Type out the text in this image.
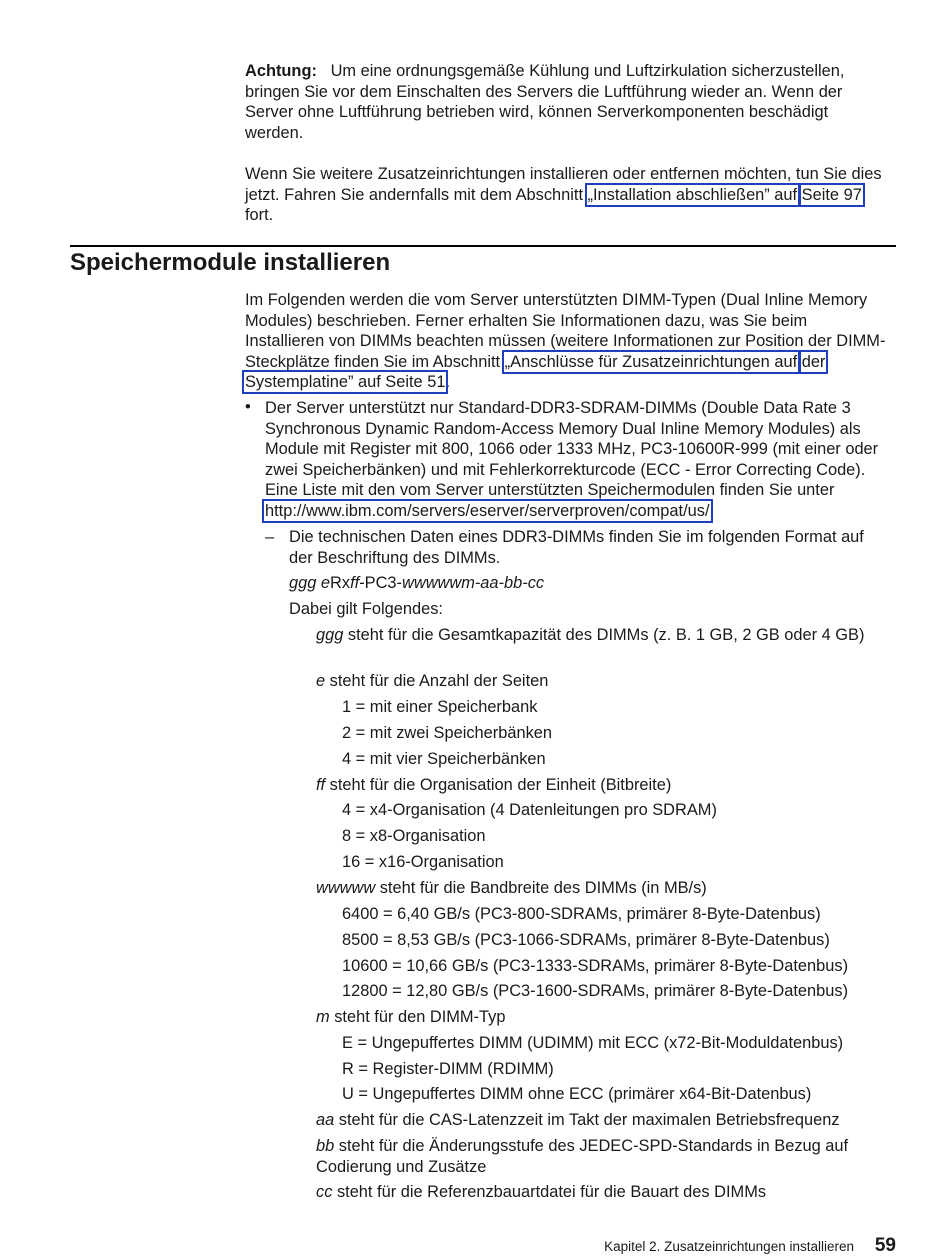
Achtung: Um eine ordnungsgemäße Kühlung und Luftzirkulation sicherzustellen, bringen Sie vor dem Einschalten des Servers die Luftführung wieder an. Wenn der Server ohne Luftführung betrieben wird, können Serverkomponenten beschädigt werden.
Wenn Sie weitere Zusatzeinrichtungen installieren oder entfernen möchten, tun Sie dies jetzt. Fahren Sie andernfalls mit dem Abschnitt „Installation abschließen” auf Seite 97 fort.
Speichermodule installieren
Im Folgenden werden die vom Server unterstützten DIMM-Typen (Dual Inline Memory Modules) beschrieben. Ferner erhalten Sie Informationen dazu, was Sie beim Installieren von DIMMs beachten müssen (weitere Informationen zur Position der DIMM-Steckplätze finden Sie im Abschnitt „Anschlüsse für Zusatzeinrichtungen auf der Systemplatine” auf Seite 51.
• Der Server unterstützt nur Standard-DDR3-SDRAM-DIMMs (Double Data Rate 3 Synchronous Dynamic Random-Access Memory Dual Inline Memory Modules) als Module mit Register mit 800, 1066 oder 1333 MHz, PC3-10600R-999 (mit einer oder zwei Speicherbänken) und mit Fehlerkorrekturcode (ECC - Error Correcting Code). Eine Liste mit den vom Server unterstützten Speichermodulen finden Sie unter http://www.ibm.com/servers/eserver/serverproven/compat/us/.
– Die technischen Daten eines DDR3-DIMMs finden Sie im folgenden Format auf der Beschriftung des DIMMs.
ggg eRxff-PC3-wwwwwm-aa-bb-cc
Dabei gilt Folgendes:
ggg steht für die Gesamtkapazität des DIMMs (z. B. 1 GB, 2 GB oder 4 GB)
e steht für die Anzahl der Seiten
1 = mit einer Speicherbank
2 = mit zwei Speicherbänken
4 = mit vier Speicherbänken
ff steht für die Organisation der Einheit (Bitbreite)
4 = x4-Organisation (4 Datenleitungen pro SDRAM)
8 = x8-Organisation
16 = x16-Organisation
wwwww steht für die Bandbreite des DIMMs (in MB/s)
6400 = 6,40 GB/s (PC3-800-SDRAMs, primärer 8-Byte-Datenbus)
8500 = 8,53 GB/s (PC3-1066-SDRAMs, primärer 8-Byte-Datenbus)
10600 = 10,66 GB/s (PC3-1333-SDRAMs, primärer 8-Byte-Datenbus)
12800 = 12,80 GB/s (PC3-1600-SDRAMs, primärer 8-Byte-Datenbus)
m steht für den DIMM-Typ
E = Ungepuffertes DIMM (UDIMM) mit ECC (x72-Bit-Moduldatenbus)
R = Register-DIMM (RDIMM)
U = Ungepuffertes DIMM ohne ECC (primärer x64-Bit-Datenbus)
aa steht für die CAS-Latenzzeit im Takt der maximalen Betriebsfrequenz
bb steht für die Änderungsstufe des JEDEC-SPD-Standards in Bezug auf Codierung und Zusätze
cc steht für die Referenzbauartdatei für die Bauart des DIMMs
Kapitel 2. Zusatzeinrichtungen installieren 59
